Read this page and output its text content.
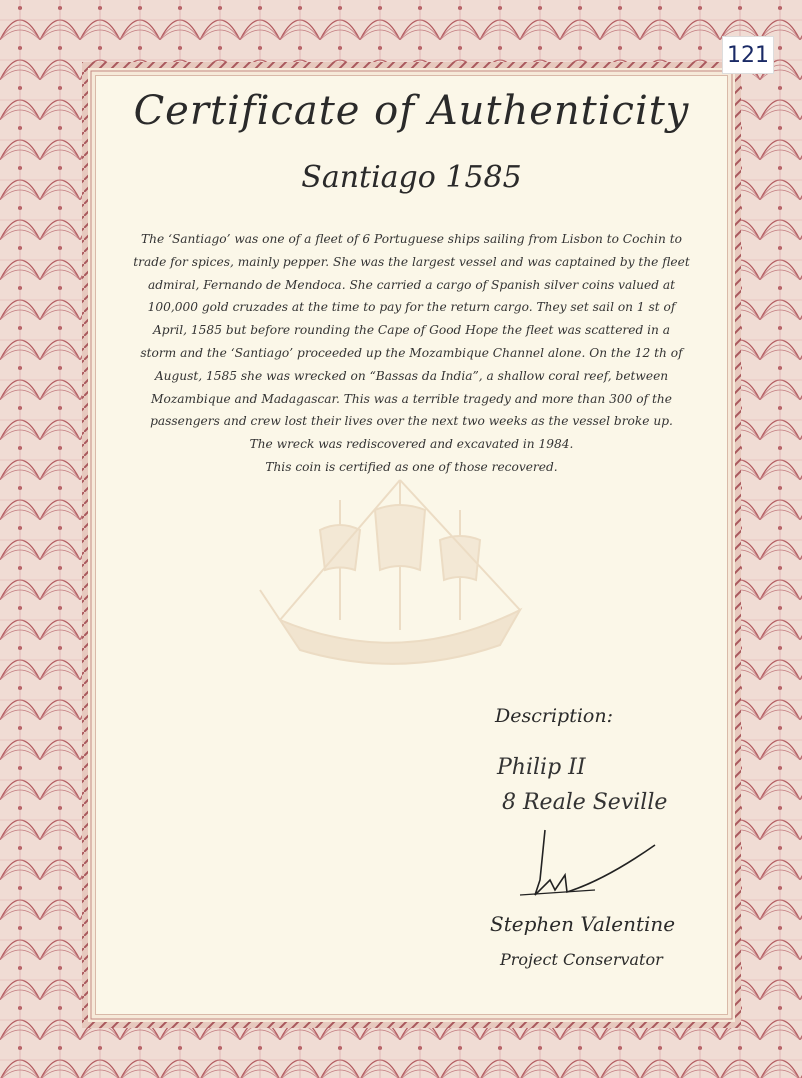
121
Certificate of Authenticity
Santiago 1585

The ‘Santiago’ was one of a fleet of 6 Portuguese ships sailing from Lisbon to Cochin to

trade for spices, mainly pepper. She was the largest vessel and was captained by the fleet

admiral, Fernando de Mendoca. She carried a cargo of Spanish silver coins valued at

100,000 gold cruzades at the time to pay for the return cargo. They set sail on 1 st of

April, 1585 but before rounding the Cape of Good Hope the fleet was scattered in a

storm and the ‘Santiago’ proceeded up the Mozambique Channel alone. On the 12 th of

August, 1585 she was wrecked on “Bassas da India”, a shallow coral reef, between

Mozambique and Madagascar. This was a terrible tragedy and more than 300 of the

passengers and crew lost their lives over the next two weeks as the vessel broke up.

The wreck was rediscovered and excavated in 1984.

This coin is certified as one of those recovered.

Description:
Philip II
8 Reale Seville
Stephen Valentine
Project Conservator
